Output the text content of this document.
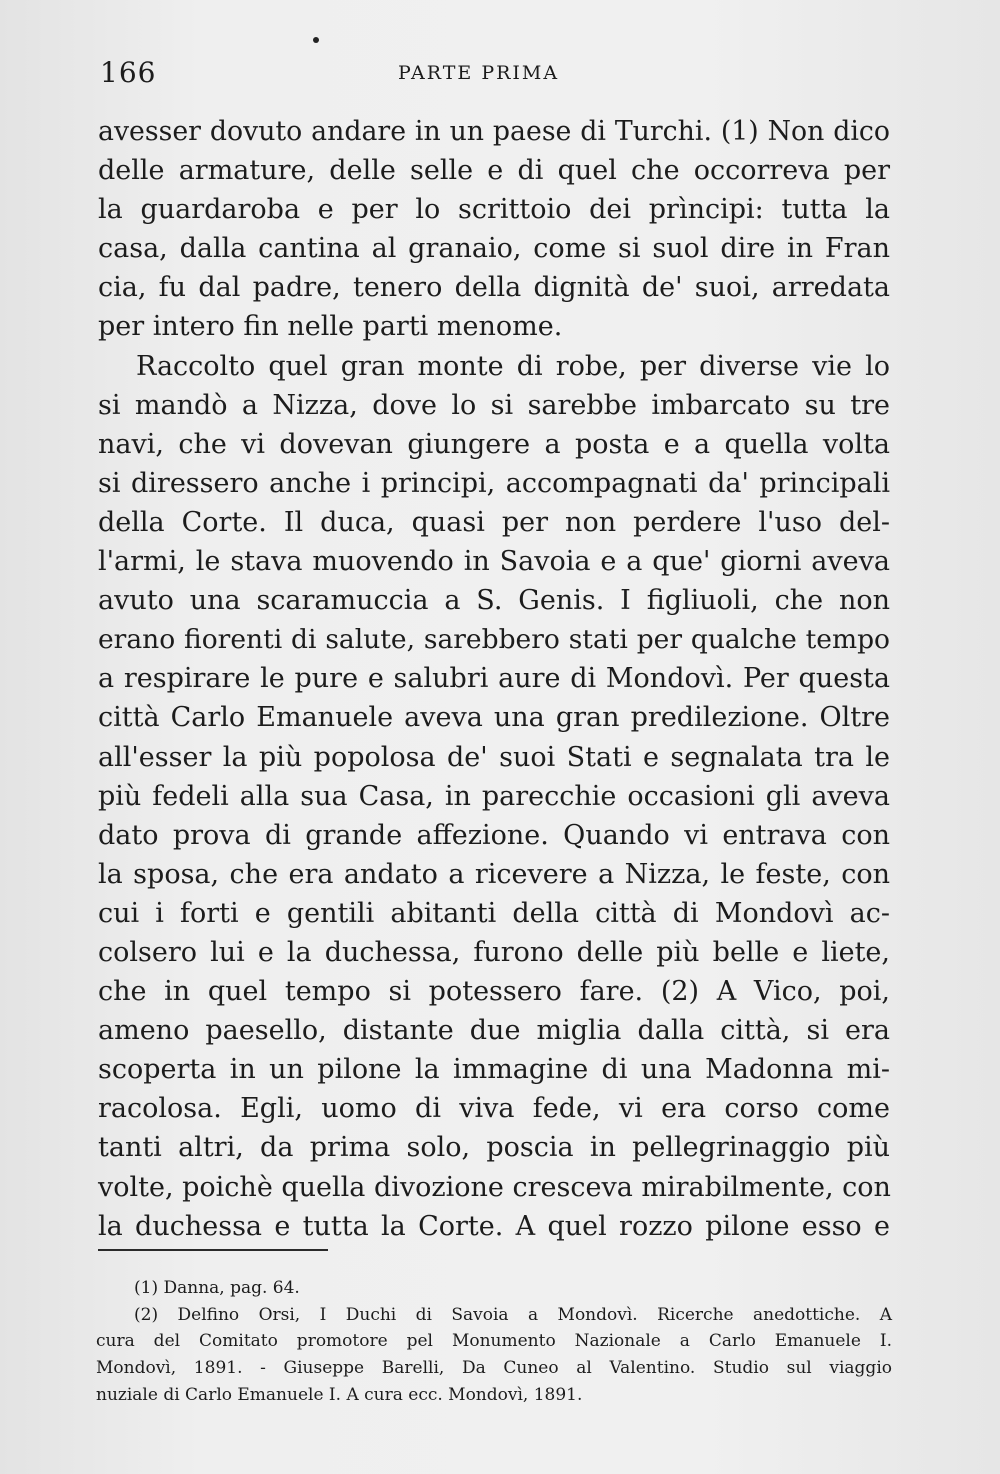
166	PARTE PRIMA
avesser dovuto andare in un paese di Turchi. (1) Non dico
delle armature, delle selle e di quel che occorreva per
la guardaroba e per lo scrittoio dei prìncipi: tutta la
casa, dalla cantina al granaio, come si suol dire in Fran
cia, fu dal padre, tenero della dignità de' suoi, arredata
per intero fin nelle parti menome.
Raccolto quel gran monte di robe, per diverse vie lo
si mandò a Nizza, dove lo si sarebbe imbarcato su tre
navi, che vi dovevan giungere a posta e a quella volta
si diressero anche i principi, accompagnati da' principali
della Corte. Il duca, quasi per non perdere l'uso del-
l'armi, le stava muovendo in Savoia e a que' giorni aveva
avuto una scaramuccia a S. Genis. I figliuoli, che non
erano fiorenti di salute, sarebbero stati per qualche tempo
a respirare le pure e salubri aure di Mondovì. Per questa
città Carlo Emanuele aveva una gran predilezione. Oltre
all'esser la più popolosa de' suoi Stati e segnalata tra le
più fedeli alla sua Casa, in parecchie occasioni gli aveva
dato prova di grande affezione. Quando vi entrava con
la sposa, che era andato a ricevere a Nizza, le feste, con
cui i forti e gentili abitanti della città di Mondovì ac-
colsero lui e la duchessa, furono delle più belle e liete,
che in quel tempo si potessero fare. (2) A Vico, poi,
ameno paesello, distante due miglia dalla città, si era
scoperta in un pilone la immagine di una Madonna mi-
racolosa. Egli, uomo di viva fede, vi era corso come
tanti altri, da prima solo, poscia in pellegrinaggio più
volte, poichè quella divozione cresceva mirabilmente, con
la duchessa e tutta la Corte. A quel rozzo pilone esso e
(1) Danna, pag. 64.
(2) Delfino Orsi, I Duchi di Savoia a Mondovì. Ricerche anedottiche. A
cura del Comitato promotore pel Monumento Nazionale a Carlo Emanuele I.
Mondovì, 1891. - Giuseppe Barelli, Da Cuneo al Valentino. Studio sul viaggio
nuziale di Carlo Emanuele I. A cura ecc. Mondovì, 1891.
